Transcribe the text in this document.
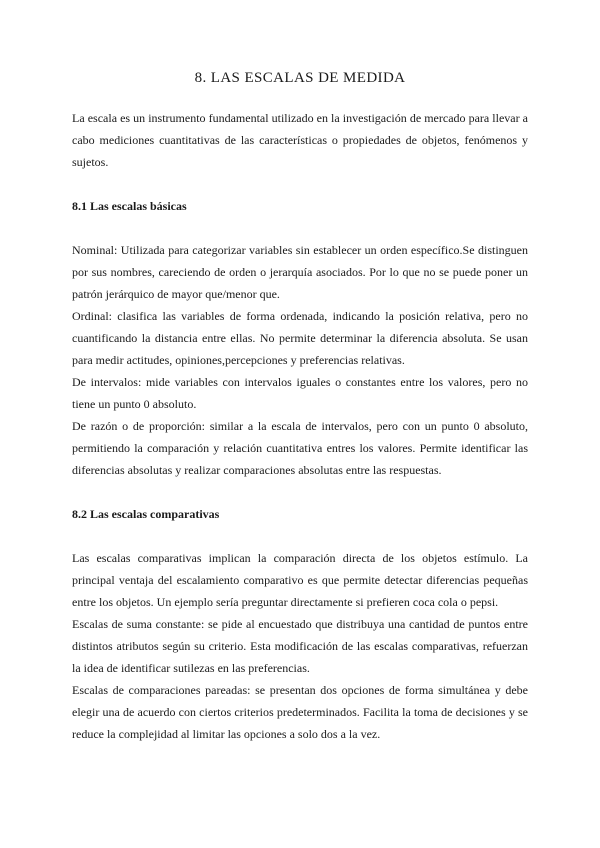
8. LAS ESCALAS DE MEDIDA

La escala es un instrumento fundamental utilizado en la investigación de mercado para llevar a cabo mediciones cuantitativas de las características o propiedades de objetos, fenómenos y sujetos.

8.1 Las escalas básicas

Nominal: Utilizada para categorizar variables sin establecer un orden específico.Se distinguen por sus nombres, careciendo de orden o jerarquía asociados. Por lo que no se puede poner un patrón jerárquico de mayor que/menor que.

Ordinal: clasifica las variables de forma ordenada, indicando la posición relativa, pero no cuantificando la distancia entre ellas. No permite determinar la diferencia absoluta. Se usan para medir actitudes, opiniones,percepciones y preferencias relativas.

De intervalos: mide variables con intervalos iguales o constantes entre los valores, pero no tiene un punto 0 absoluto.

De razón o de proporción: similar a la escala de intervalos, pero con un punto 0 absoluto, permitiendo la comparación y relación cuantitativa entres los valores. Permite identificar las diferencias absolutas y realizar comparaciones absolutas entre las respuestas.

8.2 Las escalas comparativas

Las escalas comparativas implican la comparación directa de los objetos estímulo. La principal ventaja del escalamiento comparativo es que permite detectar diferencias pequeñas entre los objetos. Un ejemplo sería preguntar directamente si prefieren coca cola o pepsi.

Escalas de suma constante: se pide al encuestado que distribuya una cantidad de puntos entre distintos atributos según su criterio. Esta modificación de las escalas comparativas, refuerzan la idea de identificar sutilezas en las preferencias.

Escalas de comparaciones pareadas: se presentan dos opciones de forma simultánea y debe elegir una de acuerdo con ciertos criterios predeterminados. Facilita la toma de decisiones y se reduce la complejidad al limitar las opciones a solo dos a la vez.
